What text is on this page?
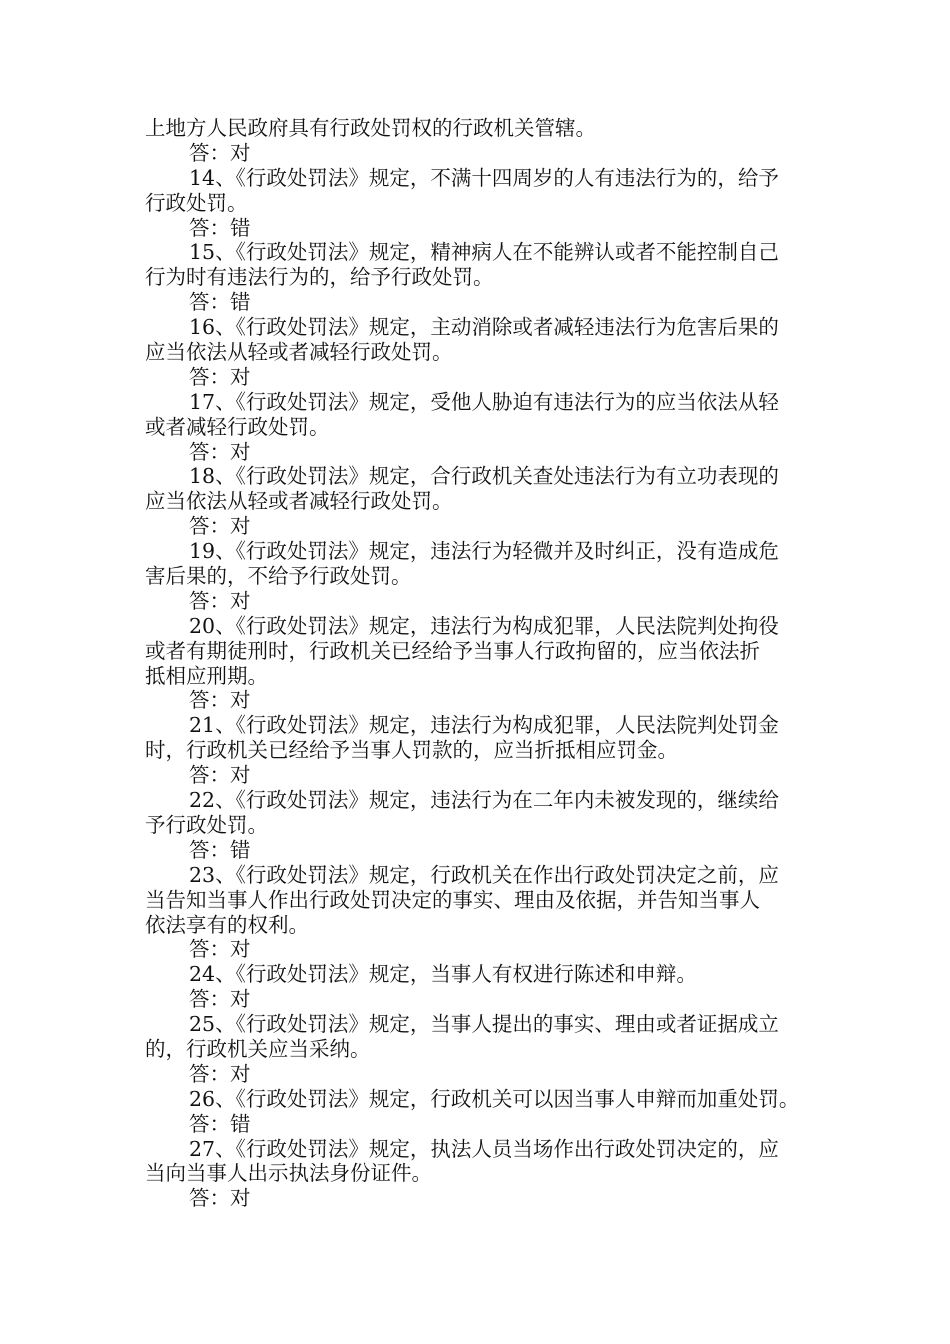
上地方人民政府具有行政处罚权的行政机关管辖。
答：对
14、《行政处罚法》规定，不满十四周岁的人有违法行为的，给予
行政处罚。
答：错
15、《行政处罚法》规定，精神病人在不能辨认或者不能控制自己
行为时有违法行为的，给予行政处罚。
答：错
16、《行政处罚法》规定，主动消除或者减轻违法行为危害后果的
应当依法从轻或者减轻行政处罚。
答：对
17、《行政处罚法》规定，受他人胁迫有违法行为的应当依法从轻
或者减轻行政处罚。
答：对
18、《行政处罚法》规定，合行政机关查处违法行为有立功表现的
应当依法从轻或者减轻行政处罚。
答：对
19、《行政处罚法》规定，违法行为轻微并及时纠正，没有造成危
害后果的，不给予行政处罚。
答：对
20、《行政处罚法》规定，违法行为构成犯罪，人民法院判处拘役
或者有期徒刑时，行政机关已经给予当事人行政拘留的，应当依法折
抵相应刑期。
答：对
21、《行政处罚法》规定，违法行为构成犯罪，人民法院判处罚金
时，行政机关已经给予当事人罚款的，应当折抵相应罚金。
答：对
22、《行政处罚法》规定，违法行为在二年内未被发现的，继续给
予行政处罚。
答：错
23、《行政处罚法》规定，行政机关在作出行政处罚决定之前，应
当告知当事人作出行政处罚决定的事实、理由及依据，并告知当事人
依法享有的权利。
答：对
24、《行政处罚法》规定，当事人有权进行陈述和申辩。
答：对
25、《行政处罚法》规定，当事人提出的事实、理由或者证据成立
的，行政机关应当采纳。
答：对
26、《行政处罚法》规定，行政机关可以因当事人申辩而加重处罚。
答：错
27、《行政处罚法》规定，执法人员当场作出行政处罚决定的，应
当向当事人出示执法身份证件。
答：对
